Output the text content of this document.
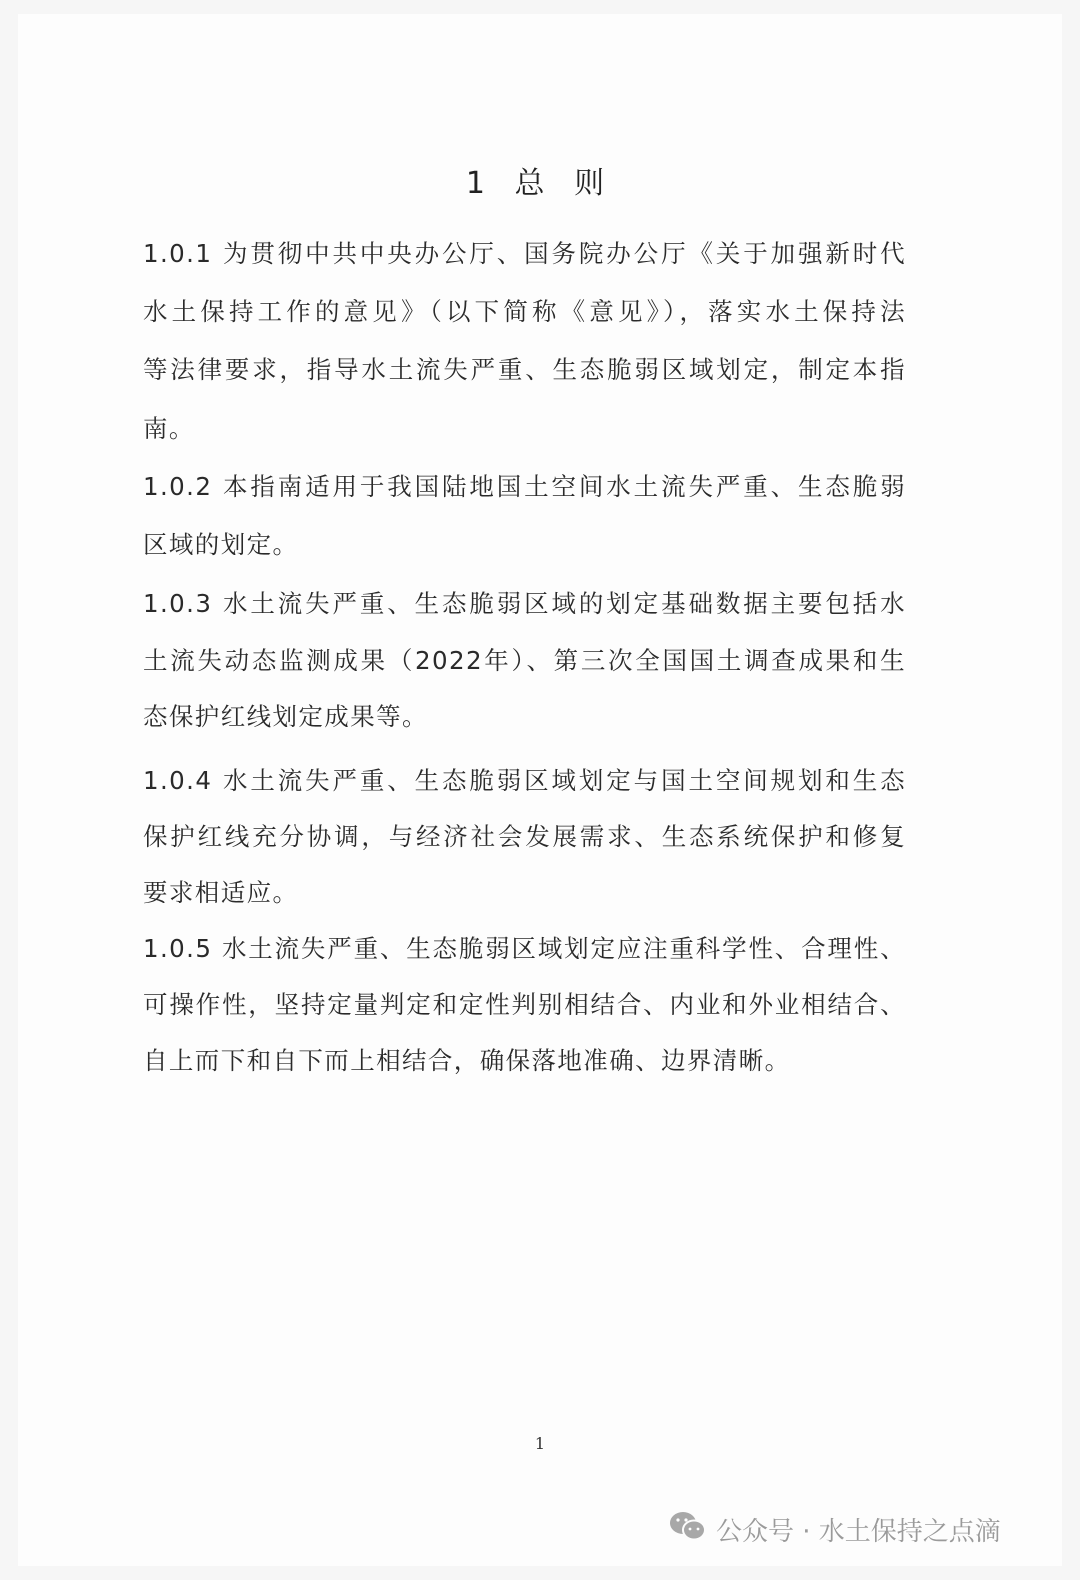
1 总 则
1.0.1 为贯彻中共中央办公厅、国务院办公厅《关于加强新时代
水土保持工作的意见》（以下简称《意见》），落实水土保持法
等法律要求，指导水土流失严重、生态脆弱区域划定，制定本指
南。
1.0.2 本指南适用于我国陆地国土空间水土流失严重、生态脆弱
区域的划定。
1.0.3 水土流失严重、生态脆弱区域的划定基础数据主要包括水
土流失动态监测成果（2022年）、第三次全国国土调查成果和生
态保护红线划定成果等。
1.0.4 水土流失严重、生态脆弱区域划定与国土空间规划和生态
保护红线充分协调，与经济社会发展需求、生态系统保护和修复
要求相适应。
1.0.5 水土流失严重、生态脆弱区域划定应注重科学性、合理性、
可操作性，坚持定量判定和定性判别相结合、内业和外业相结合、
自上而下和自下而上相结合，确保落地准确、边界清晰。
1
公众号 · 水土保持之点滴
